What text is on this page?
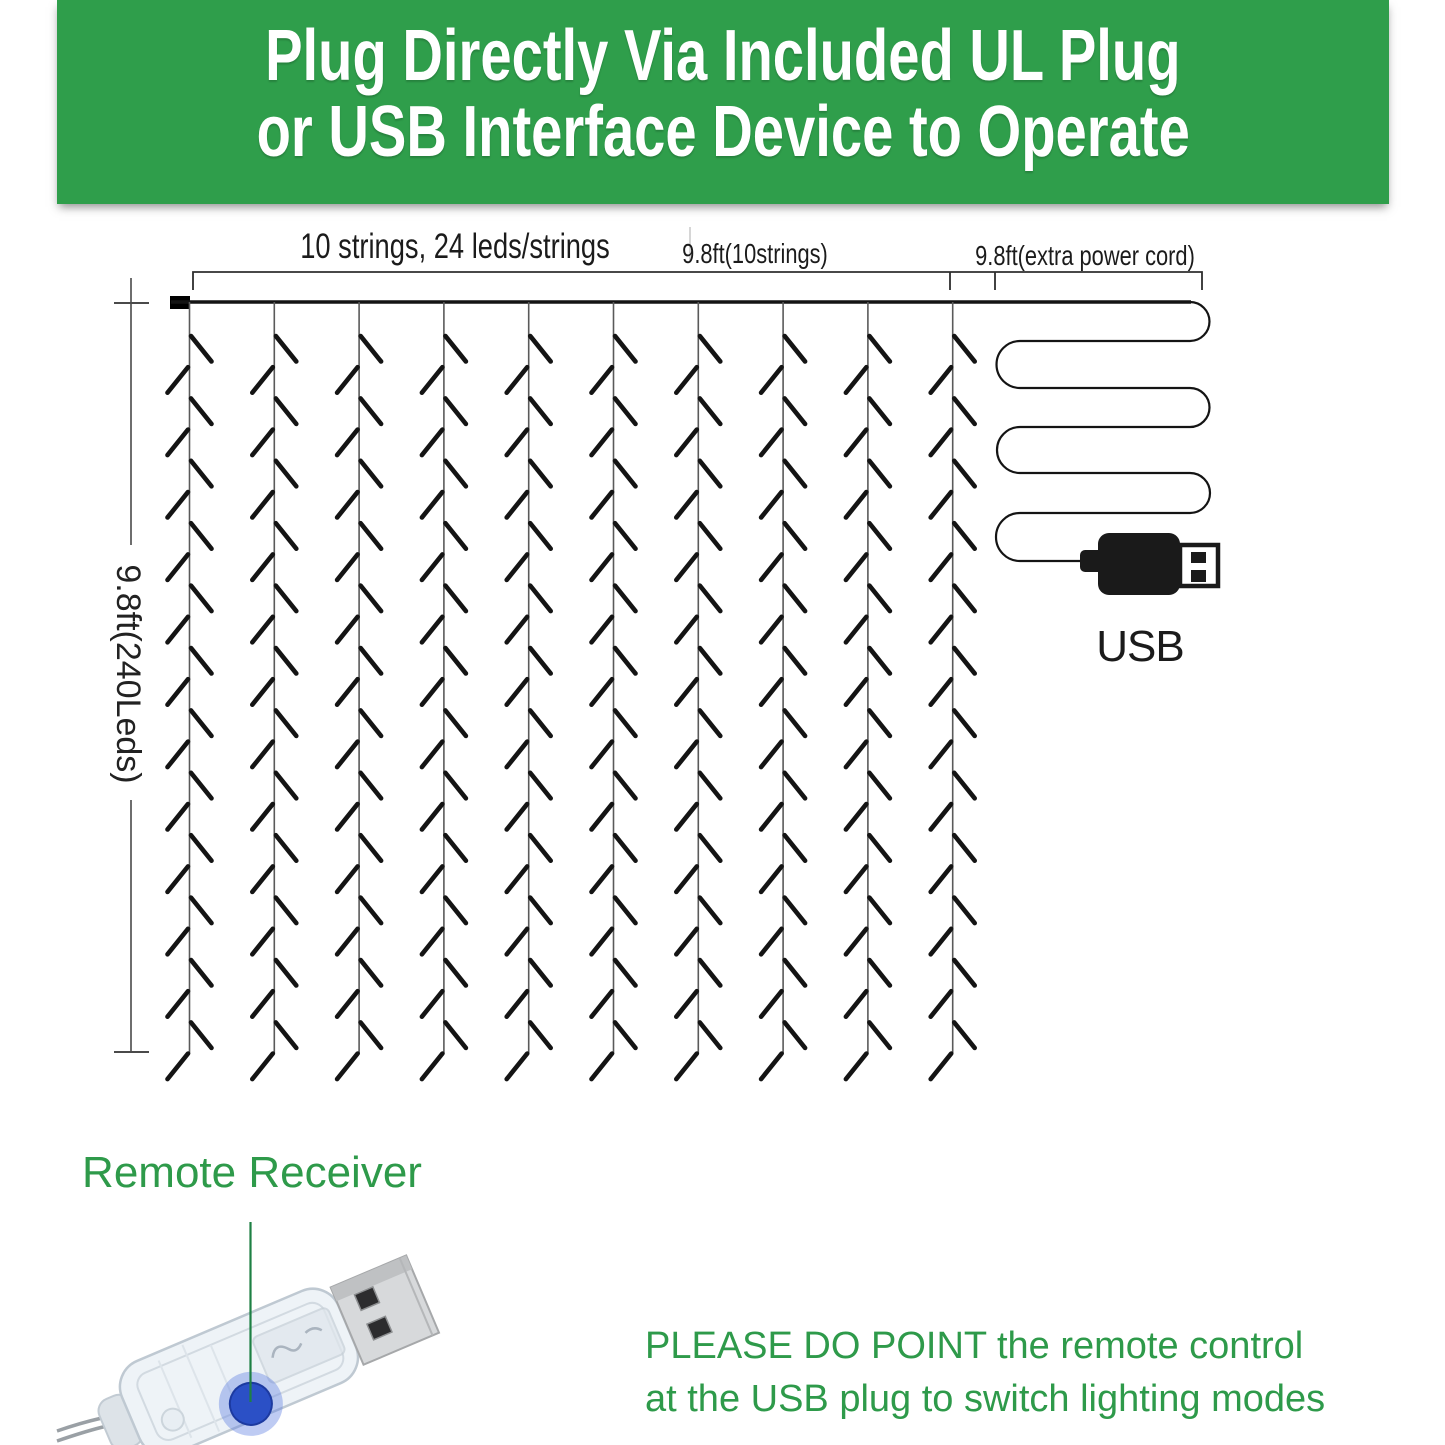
Plug Directly Via Included UL Plug
or USB Interface Device to Operate
10 strings, 24 leds/strings	9.8ft(10strings)	9.8ft(extra power cord)
9.8ft(240Leds)	USB
Remote Receiver
PLEASE DO POINT the remote control
at the USB plug to switch lighting modes
